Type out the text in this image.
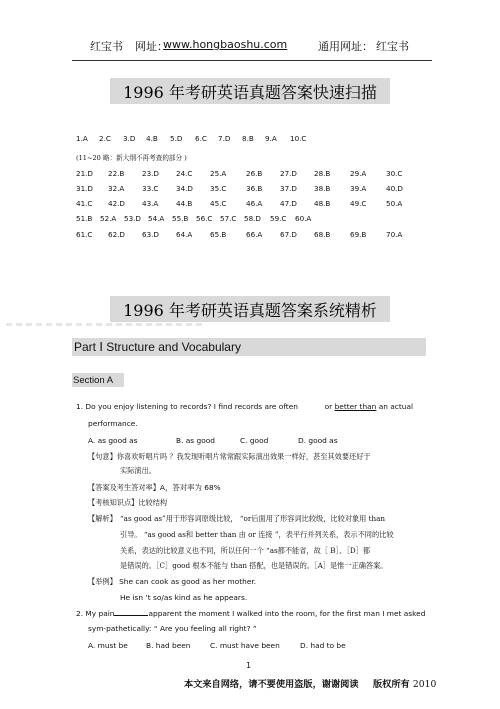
红宝书 网址：
www.hongbaoshu.com	通用网址： 红宝书
1996 年考研英语真题答案快速扫描
1.A 2.C 3.D 4.B 5.D 6.C 7.D 8.B 9.A 10.C
21.D 22.B 23.D 24.C 25.A	26.B 27.D 28.B	29.A	30.C
31.D 32.A 33.C 34.D 35.C	36.B 37.D 38.B	39.A	40.D
41.C 42.D 43.A 44.B 45.C	46.A 47.D 48.B	49.C	50.A
51.B 52.A 53.D 54.A 55.B 56.C 57.C 58.D 59.C 60.A
61.C 62.D 63.D 64.A 65.B	66.A 67.D 68.B	69.B	70.A
(11~20 略：新大纲不再考查的部分 )
1996 年考研英语真题答案系统精析
Part Ⅰ Structure and Vocabulary
Section A
1. Do you enjoy listening to records? I find records are often	or better than an actual
performance.
A. as good as	B. as good	C. good	D. good as
【句意】你喜欢听唱片吗 ？我发现听唱片常常跟实际演出效果一样好，甚至其效要还好于
实际演出。
【答案及考生答对率】A，答对率为 68%
【考核知识点】比较结构
【解析】 “as good as”用于形容词原级比较， “or后面用了形容词比较级，比较对象用 than
引导。 “as good as和 better than 由 or 连接 ”，表平行并列关系，表示不同的比较
关系，表达的比较意义也不同，所以任何一个 “as都不能省，故［ B］、［D］都
是错误的。［C］good 根本不能与 than 搭配，也是错误的。［A］是惟一正确答案。
【举例】 She can cook as good as her mother.
He isn ’t so/as kind as he appears.
2. My pain	apparent the moment I walked into the room, for the first man I met asked
sym-pathetically: “ Are you feeling all right? ”
A. must be B. had been	C. must have been	D. had to be
1
本文来自网络，请不要使用盗版，谢谢阅读 版权所有 2010
